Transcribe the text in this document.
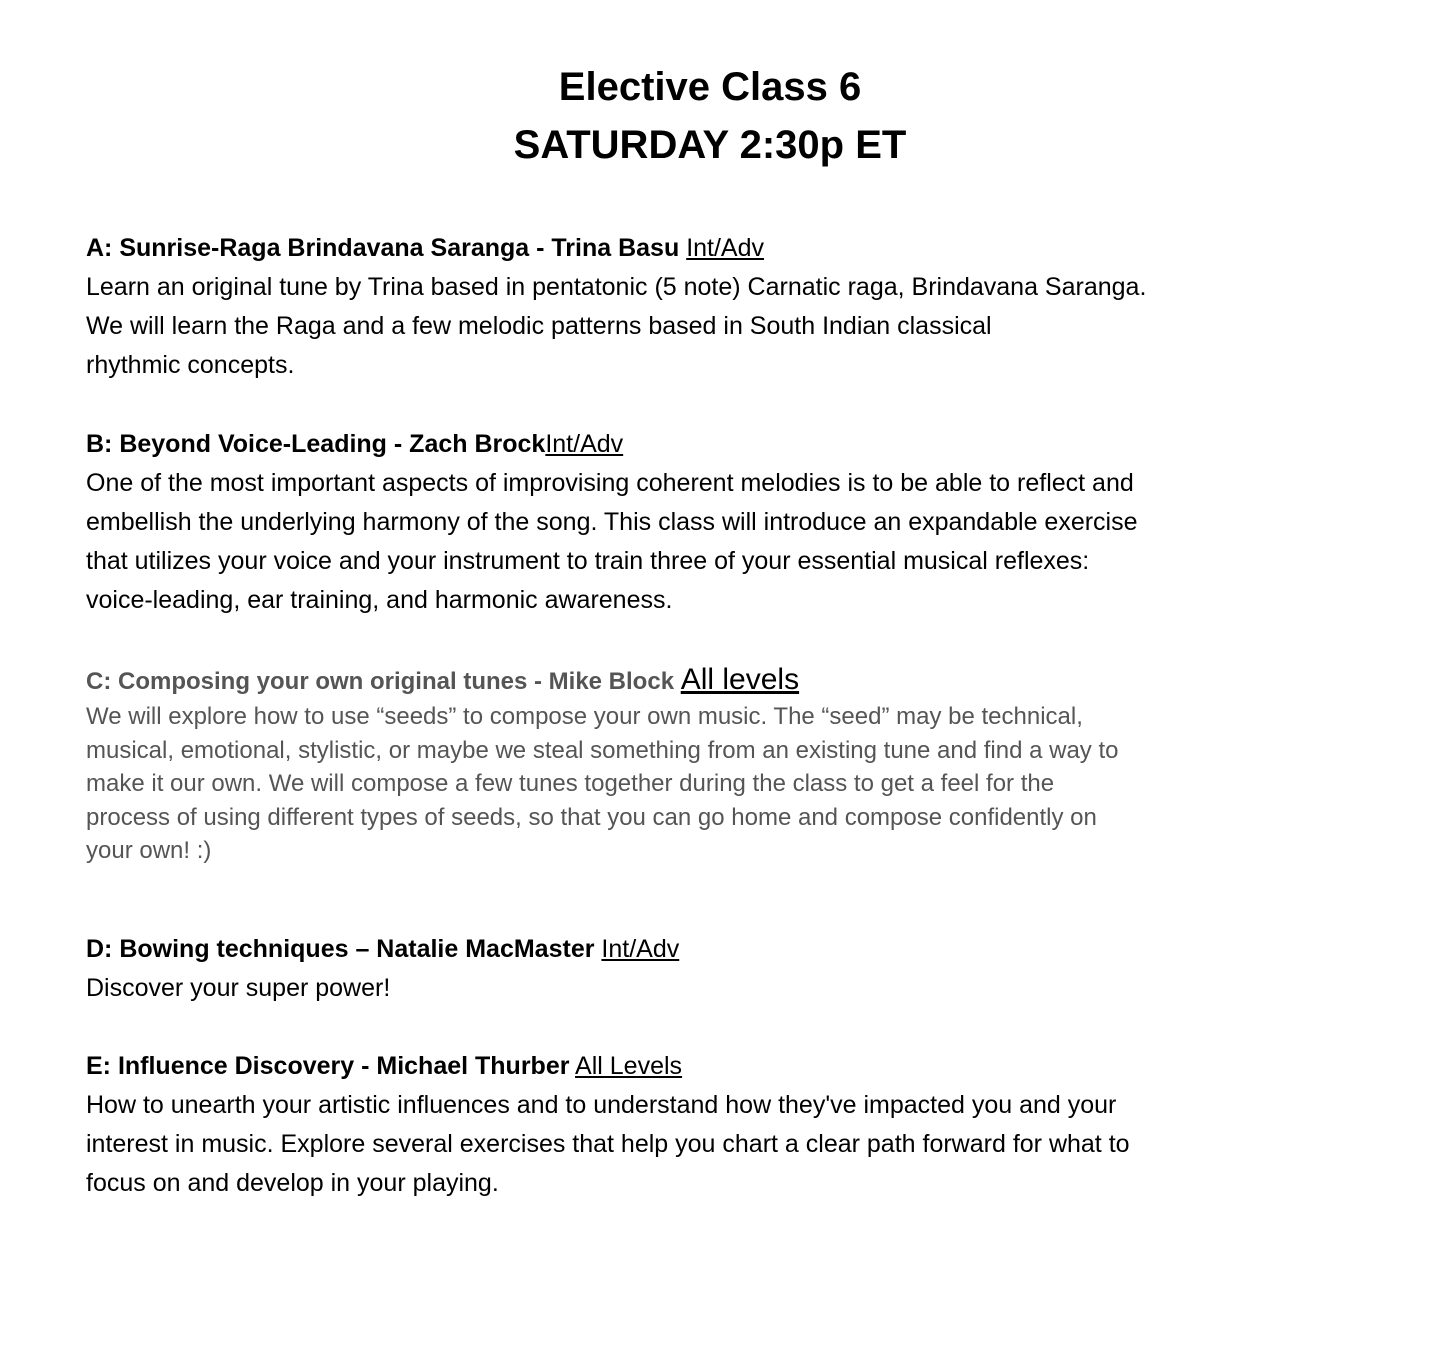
Elective Class 6
SATURDAY 2:30p ET
A: Sunrise-Raga Brindavana Saranga - Trina Basu Int/Adv
Learn an original tune by Trina based in pentatonic (5 note) Carnatic raga, Brindavana Saranga.
We will learn the Raga and a few melodic patterns based in South Indian classical
rhythmic concepts.
B: Beyond Voice-Leading - Zach BrockInt/Adv
One of the most important aspects of improvising coherent melodies is to be able to reflect and
embellish the underlying harmony of the song. This class will introduce an expandable exercise
that utilizes your voice and your instrument to train three of your essential musical reflexes:
voice-leading, ear training, and harmonic awareness.
C: Composing your own original tunes - Mike Block All levels
We will explore how to use “seeds” to compose your own music. The “seed” may be technical,
musical, emotional, stylistic, or maybe we steal something from an existing tune and find a way to
make it our own. We will compose a few tunes together during the class to get a feel for the
process of using different types of seeds, so that you can go home and compose confidently on
your own! :)
D: Bowing techniques – Natalie MacMaster Int/Adv
Discover your super power!
E: Influence Discovery - Michael Thurber All Levels
How to unearth your artistic influences and to understand how they've impacted you and your
interest in music. Explore several exercises that help you chart a clear path forward for what to
focus on and develop in your playing.
